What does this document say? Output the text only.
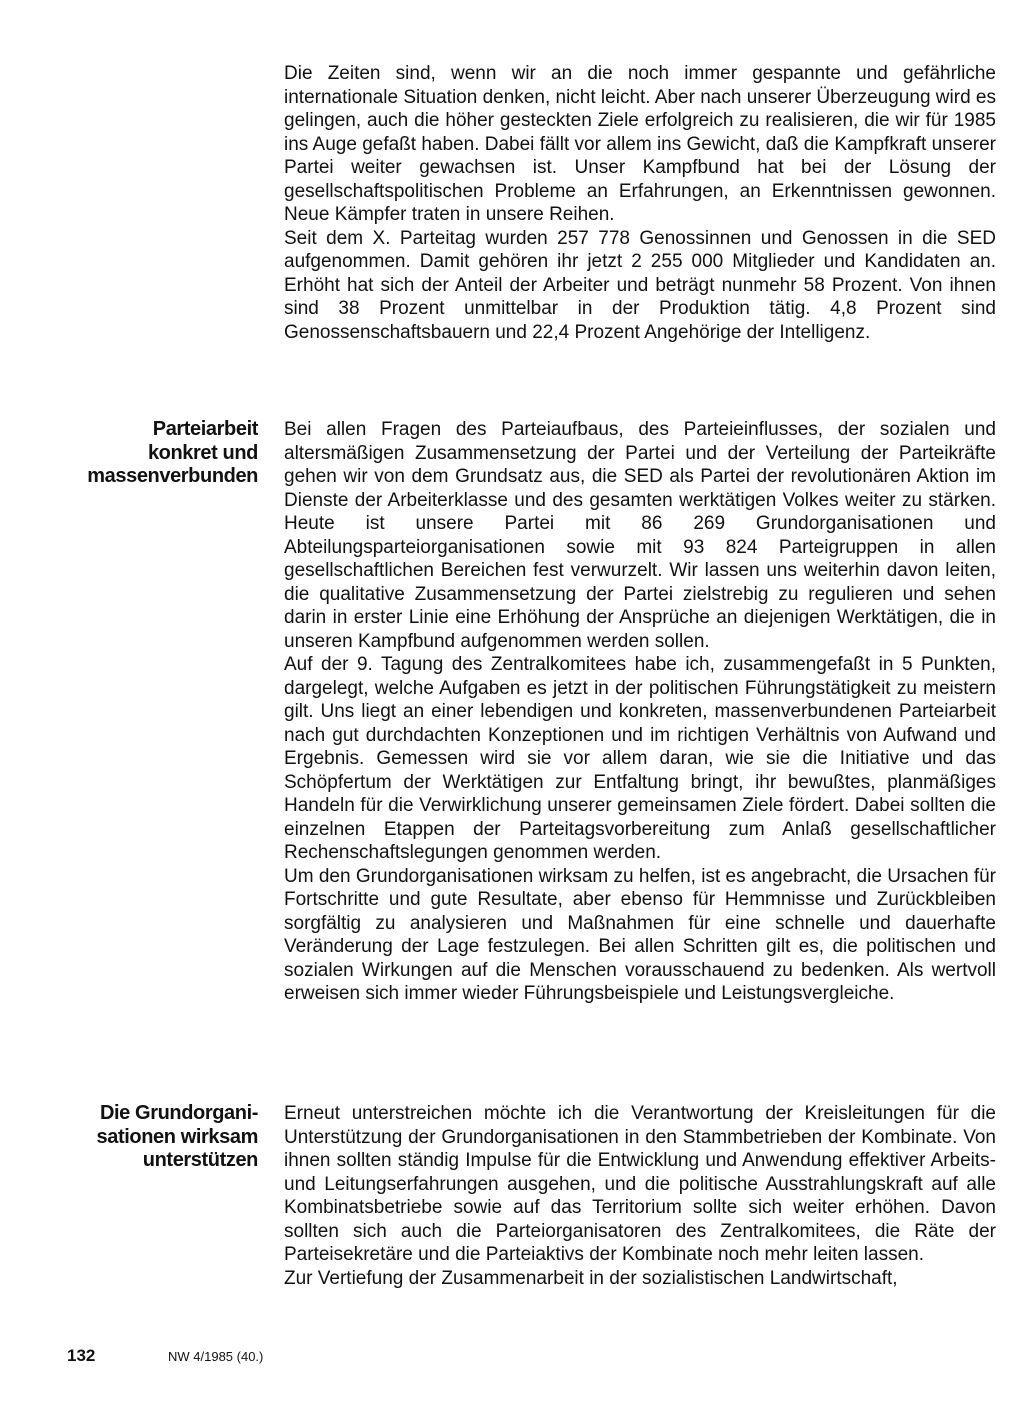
Die Zeiten sind, wenn wir an die noch immer gespannte und gefährliche internationale Situation denken, nicht leicht. Aber nach unserer Überzeugung wird es gelingen, auch die höher gesteckten Ziele erfolgreich zu realisieren, die wir für 1985 ins Auge gefaßt haben. Dabei fällt vor allem ins Gewicht, daß die Kampfkraft unserer Partei weiter gewachsen ist. Unser Kampfbund hat bei der Lösung der gesellschaftspolitischen Probleme an Erfahrungen, an Erkenntnissen gewonnen. Neue Kämpfer traten in unsere Reihen.

Seit dem X. Parteitag wurden 257 778 Genossinnen und Genossen in die SED aufgenommen. Damit gehören ihr jetzt 2 255 000 Mitglieder und Kandidaten an. Erhöht hat sich der Anteil der Arbeiter und beträgt nunmehr 58 Prozent. Von ihnen sind 38 Prozent unmittelbar in der Produktion tätig. 4,8 Prozent sind Genossenschaftsbauern und 22,4 Prozent Angehörige der Intelligenz.

Parteiarbeit
konkret und
massenverbunden

Bei allen Fragen des Parteiaufbaus, des Parteieinflusses, der sozialen und altersmäßigen Zusammensetzung der Partei und der Verteilung der Parteikräfte gehen wir von dem Grundsatz aus, die SED als Partei der revolutionären Aktion im Dienste der Arbeiterklasse und des gesamten werktätigen Volkes weiter zu stärken. Heute ist unsere Partei mit 86 269 Grundorganisationen und Abteilungsparteiorganisationen sowie mit 93 824 Parteigruppen in allen gesellschaftlichen Bereichen fest verwurzelt. Wir lassen uns weiterhin davon leiten, die qualitative Zusammensetzung der Partei zielstrebig zu regulieren und sehen darin in erster Linie eine Erhöhung der Ansprüche an diejenigen Werktätigen, die in unseren Kampfbund aufgenommen werden sollen.

Auf der 9. Tagung des Zentralkomitees habe ich, zusammengefaßt in 5 Punkten, dargelegt, welche Aufgaben es jetzt in der politischen Führungstätigkeit zu meistern gilt. Uns liegt an einer lebendigen und konkreten, massenverbundenen Parteiarbeit nach gut durchdachten Konzeptionen und im richtigen Verhältnis von Aufwand und Ergebnis. Gemessen wird sie vor allem daran, wie sie die Initiative und das Schöpfertum der Werktätigen zur Entfaltung bringt, ihr bewußtes, planmäßiges Handeln für die Verwirklichung unserer gemeinsamen Ziele fördert. Dabei sollten die einzelnen Etappen der Parteitagsvorbereitung zum Anlaß gesellschaftlicher Rechenschaftslegungen genommen werden.

Um den Grundorganisationen wirksam zu helfen, ist es angebracht, die Ursachen für Fortschritte und gute Resultate, aber ebenso für Hemmnisse und Zurückbleiben sorgfältig zu analysieren und Maßnahmen für eine schnelle und dauerhafte Veränderung der Lage festzulegen. Bei allen Schritten gilt es, die politischen und sozialen Wirkungen auf die Menschen vorausschauend zu bedenken. Als wertvoll erweisen sich immer wieder Führungsbeispiele und Leistungsvergleiche.

Die Grundorgani-
sationen wirksam
unterstützen

Erneut unterstreichen möchte ich die Verantwortung der Kreisleitungen für die Unterstützung der Grundorganisationen in den Stammbetrieben der Kombinate. Von ihnen sollten ständig Impulse für die Entwicklung und Anwendung effektiver Arbeits- und Leitungserfahrungen ausgehen, und die politische Ausstrahlungskraft auf alle Kombinatsbetriebe sowie auf das Territorium sollte sich weiter erhöhen. Davon sollten sich auch die Parteiorganisatoren des Zentralkomitees, die Räte der Parteisekretäre und die Parteiaktivs der Kombinate noch mehr leiten lassen.

Zur Vertiefung der Zusammenarbeit in der sozialistischen Landwirtschaft,

132	NW 4/1985 (40.)
